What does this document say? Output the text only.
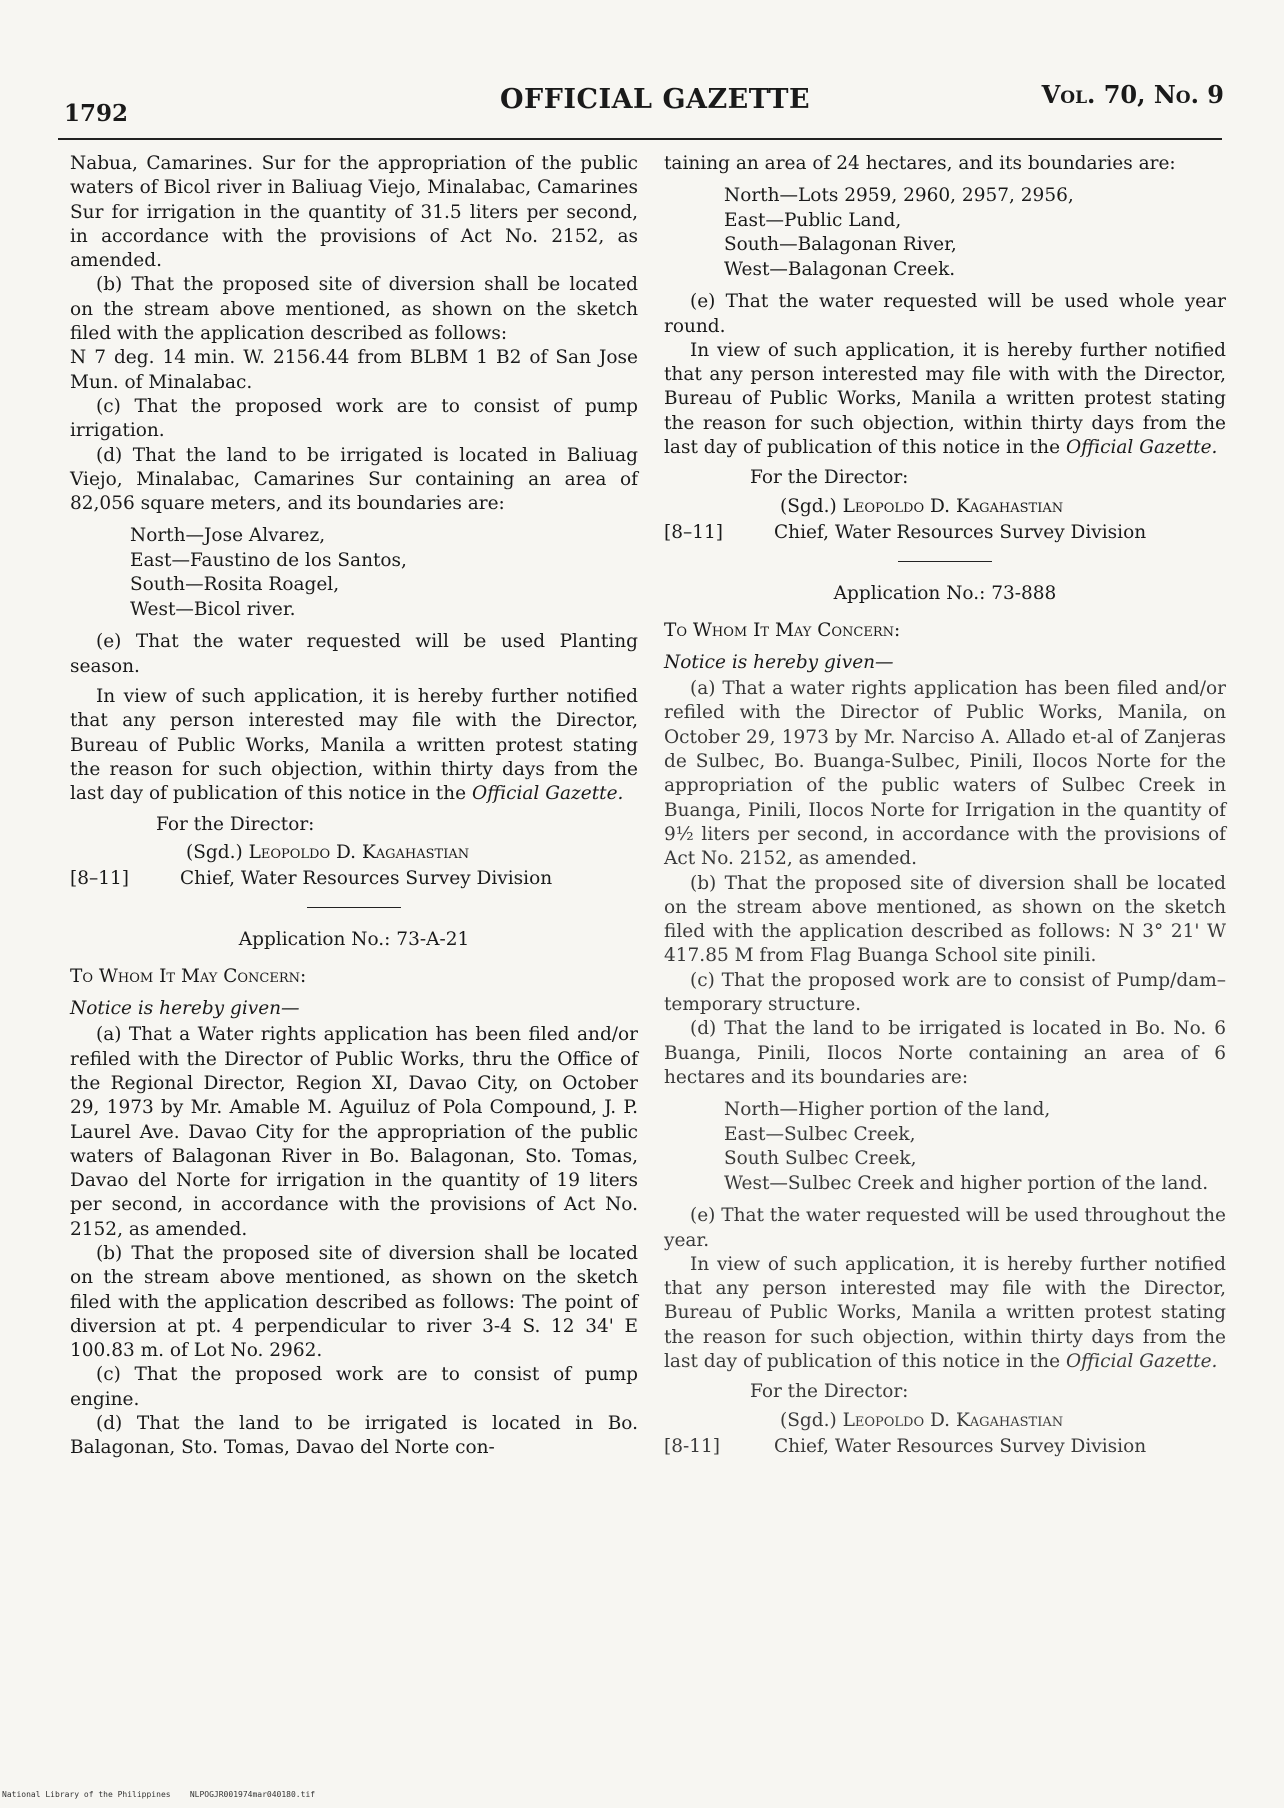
1792	OFFICIAL GAZETTE	Vol. 70, No. 9

Nabua, Camarines. Sur for the appropriation of the public waters of Bicol river in Baliuag Viejo, Minalabac, Camarines Sur for irrigation in the quantity of 31.5 liters per second, in accordance with the provisions of Act No. 2152, as amended.

(b) That the proposed site of diversion shall be located on the stream above mentioned, as shown on the sketch filed with the application described as follows:

N 7 deg. 14 min. W. 2156.44 from BLBM 1 B2 of San Jose Mun. of Minalabac.

(c) That the proposed work are to consist of pump irrigation.

(d) That the land to be irrigated is located in Baliuag Viejo, Minalabac, Camarines Sur containing an area of 82,056 square meters, and its boundaries are:

North—Jose Alvarez,
East—Faustino de los Santos,
South—Rosita Roagel,
West—Bicol river.

(e) That the water requested will be used Planting season.

In view of such application, it is hereby further notified that any person interested may file with the Director, Bureau of Public Works, Manila a written protest stating the reason for such objection, within thirty days from the last day of publication of this notice in the Official Gazette.

For the Director:
(Sgd.) Leopoldo D. Kagahastian
[8–11]	Chief, Water Resources Survey Division
Application No.: 73-A-21
To Whom It May Concern:
Notice is hereby given—

(a) That a Water rights application has been filed and/or refiled with the Director of Public Works, thru the Office of the Regional Director, Region XI, Davao City, on October 29, 1973 by Mr. Amable M. Aguiluz of Pola Compound, J. P. Laurel Ave. Davao City for the appropriation of the public waters of Balagonan River in Bo. Balagonan, Sto. Tomas, Davao del Norte for irrigation in the quantity of 19 liters per second, in accordance with the provisions of Act No. 2152, as amended.

(b) That the proposed site of diversion shall be located on the stream above mentioned, as shown on the sketch filed with the application described as follows: The point of diversion at pt. 4 perpendicular to river 3-4 S. 12 34' E 100.83 m. of Lot No. 2962.

(c) That the proposed work are to consist of pump engine.

(d) That the land to be irrigated is located in Bo. Balagonan, Sto. Tomas, Davao del Norte con-

taining an area of 24 hectares, and its boundaries are:

North—Lots 2959, 2960, 2957, 2956,
East—Public Land,
South—Balagonan River,
West—Balagonan Creek.

(e) That the water requested will be used whole year round.

In view of such application, it is hereby further notified that any person interested may file with with the Director, Bureau of Public Works, Manila a written protest stating the reason for such objection, within thirty days from the last day of publication of this notice in the Official Gazette.

For the Director:
(Sgd.) Leopoldo D. Kagahastian
[8–11]	Chief, Water Resources Survey Division
Application No.: 73-888
To Whom It May Concern:
Notice is hereby given—

(a) That a water rights application has been filed and/or refiled with the Director of Public Works, Manila, on October 29, 1973 by Mr. Narciso A. Allado et-al of Zanjeras de Sulbec, Bo. Buanga-Sulbec, Pinili, Ilocos Norte for the appropriation of the public waters of Sulbec Creek in Buanga, Pinili, Ilocos Norte for Irrigation in the quantity of 9½ liters per second, in accordance with the provisions of Act No. 2152, as amended.

(b) That the proposed site of diversion shall be located on the stream above mentioned, as shown on the sketch filed with the application described as follows: N 3° 21' W 417.85 M from Flag Buanga School site pinili.

(c) That the proposed work are to consist of Pump/dam–temporary structure.

(d) That the land to be irrigated is located in Bo. No. 6 Buanga, Pinili, Ilocos Norte containing an area of 6 hectares and its boundaries are:

North—Higher portion of the land,
East—Sulbec Creek,
South Sulbec Creek,
West—Sulbec Creek and higher portion of the land.

(e) That the water requested will be used throughout the year.

In view of such application, it is hereby further notified that any person interested may file with the Director, Bureau of Public Works, Manila a written protest stating the reason for such objection, within thirty days from the last day of publication of this notice in the Official Gazette.

For the Director:
(Sgd.) Leopoldo D. Kagahastian
[8-11]	Chief, Water Resources Survey Division
National Library of the Philippines NLPOGJR001974mar040180.tif
